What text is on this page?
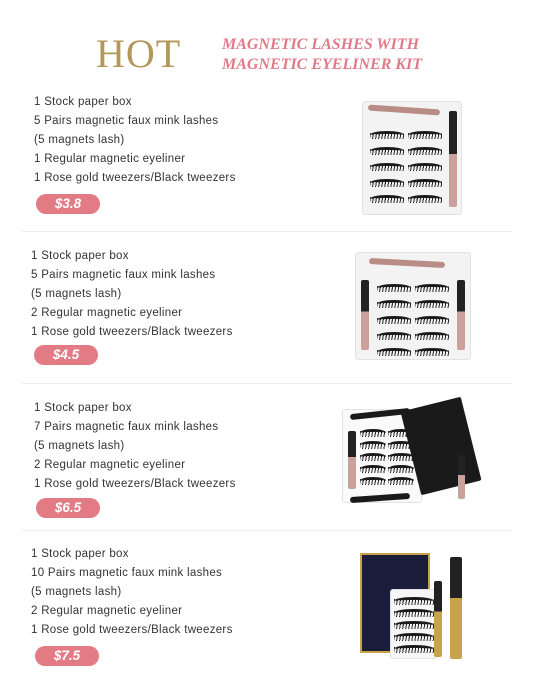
HOT	MAGNETIC LASHES WITH
MAGNETIC EYELINER KIT
1 Stock paper box
5 Pairs magnetic faux mink lashes
(5 magnets lash)
1 Regular magnetic eyeliner
1 Rose gold tweezers/Black tweezers
$3.8
1 Stock paper box
5 Pairs magnetic faux mink lashes
(5 magnets lash)
2 Regular magnetic eyeliner
1 Rose gold tweezers/Black tweezers
$4.5
1 Stock paper box
7 Pairs magnetic faux mink lashes
(5 magnets lash)
2 Regular magnetic eyeliner
1 Rose gold tweezers/Black tweezers
$6.5
1 Stock paper box
10 Pairs magnetic faux mink lashes
(5 magnets lash)
2 Regular magnetic eyeliner
1 Rose gold tweezers/Black tweezers
$7.5
